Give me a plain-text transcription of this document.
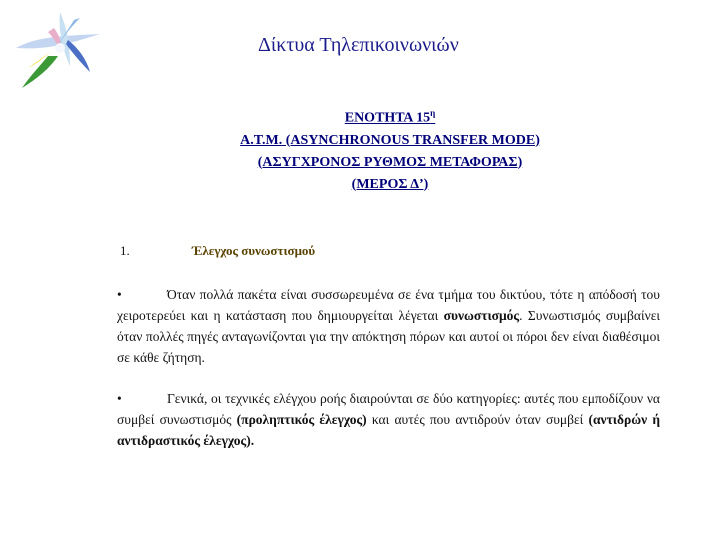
Δίκτυα Τηλεπικοινωνιών
ΕΝΟΤΗΤΑ $15^\eta$
A.T.M. (ASYNCHRONOUS TRANSFER MODE)
(ΑΣΥΓΧΡΟΝΟΣ ΡΥΘΜΟΣ ΜΕΤΑΦΟΡΑΣ)
(ΜΕΡΟΣ Δ’)
1.	Έλεγχος συνωστισμού
•	Όταν πολλά πακέτα είναι συσσωρευμένα σε ένα τμήμα του δικτύου, τότε η απόδοσή του χειροτερεύει και η κατάσταση που δημιουργείται λέγεται συνωστισμός. Συνωστισμός συμβαίνει όταν πολλές πηγές ανταγωνίζονται για την απόκτηση πόρων και αυτοί οι πόροι δεν είναι διαθέσιμοι σε κάθε ζήτηση.
•	Γενικά, οι τεχνικές ελέγχου ροής διαιρούνται σε δύο κατηγορίες: αυτές που εμποδίζουν να συμβεί συνωστισμός (προληπτικός έλεγχος) και αυτές που αντιδρούν όταν συμβεί (αντιδρών ή αντιδραστικός έλεγχος).
